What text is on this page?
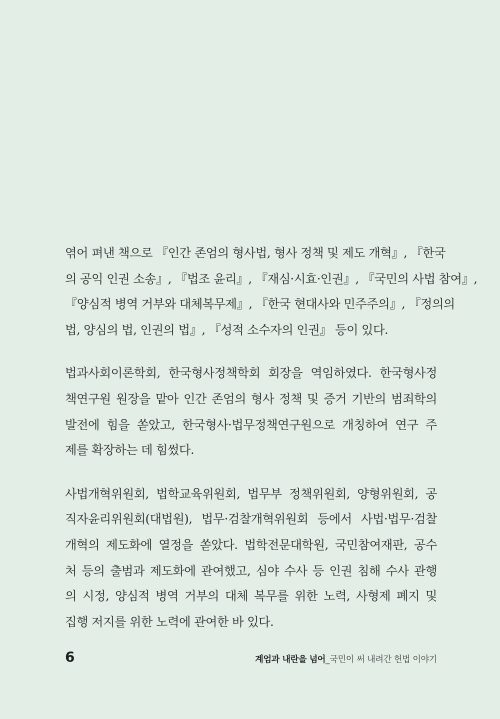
엮어 펴낸 책으로 『인간 존엄의 형사법, 형사 정책 및 제도 개혁』, 『한국
의 공익 인권 소송』, 『법조 윤리』, 『재심·시효·인권』, 『국민의 사법 참여』,
『양심적 병역 거부와 대체복무제』, 『한국 현대사와 민주주의』, 『정의의
법, 양심의 법, 인권의 법』, 『성적 소수자의 인권』 등이 있다.

법과사회이론학회, 한국형사정책학회 회장을 역임하였다. 한국형사정
책연구원 원장을 맡아 인간 존엄의 형사 정책 및 증거 기반의 범죄학의
발전에 힘을 쏟았고, 한국형사·법무정책연구원으로 개칭하여 연구 주
제를 확장하는 데 힘썼다.

사법개혁위원회, 법학교육위원회, 법무부 정책위원회, 양형위원회, 공
직자윤리위원회(대법원), 법무·검찰개혁위원회 등에서 사법·법무·검찰
개혁의 제도화에 열정을 쏟았다. 법학전문대학원, 국민참여재판, 공수
처 등의 출범과 제도화에 관여했고, 심야 수사 등 인권 침해 수사 관행
의 시정, 양심적 병역 거부의 대체 복무를 위한 노력, 사형제 폐지 및
집행 저지를 위한 노력에 관여한 바 있다.

6	계엄과 내란을 넘어_국민이 써 내려간 헌법 이야기
